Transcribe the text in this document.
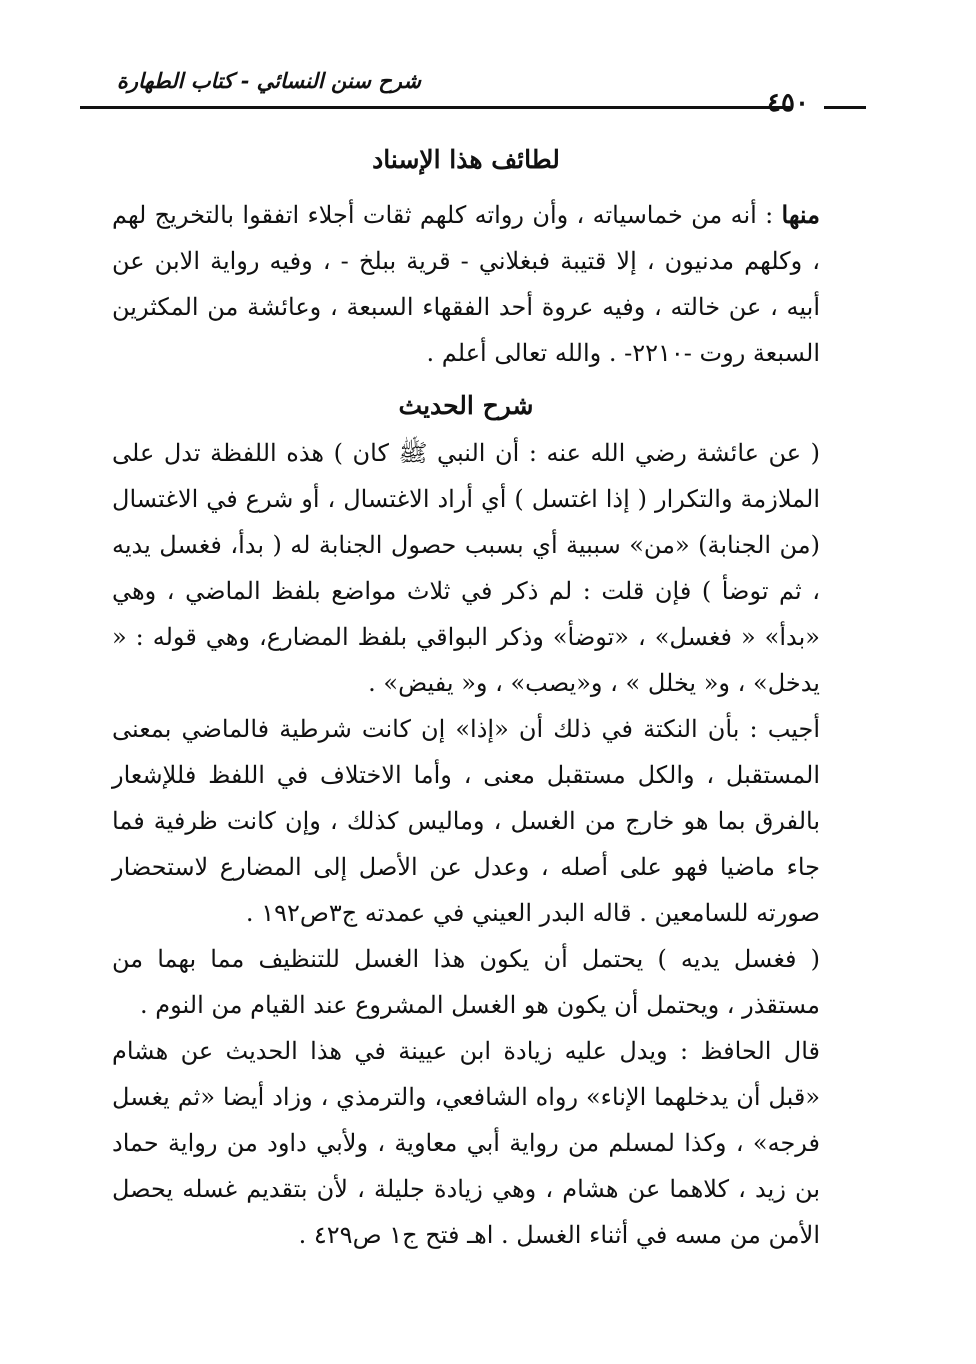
شرح سنن النسائي - كتاب الطهارة
٤٥٠
لطائف هذا الإسناد

منها : أنه من خماسياته ، وأن رواته كلهم ثقات أجلاء اتفقوا بالتخريج لهم ، وكلهم مدنيون ، إلا قتيبة فبغلاني - قرية ببلخ - ، وفيه رواية الابن عن أبيه ، عن خالته ، وفيه عروة أحد الفقهاء السبعة ، وعائشة من المكثرين السبعة روت -٢٢١٠- . والله تعالى أعلم .

شرح الحديث

( عن عائشة رضي الله عنه : أن النبي ﷺ كان ) هذه اللفظة تدل على الملازمة والتكرار ( إذا اغتسل ) أي أراد الاغتسال ، أو شرع في الاغتسال (من الجنابة) «من» سببية أي بسبب حصول الجنابة له ( بدأ، فغسل يديه ، ثم توضأ ) فإن قلت : لم ذكر في ثلاث مواضع بلفظ الماضي ، وهي «بدأ» « فغسل» ، «توضأ» وذكر البواقي بلفظ المضارع، وهي قوله : « يدخل» ، و« يخلل » ، و«يصب» ، و« يفيض» .

أجيب : بأن النكتة في ذلك أن «إذا» إن كانت شرطية فالماضي بمعنى المستقبل ، والكل مستقبل معنى ، وأما الاختلاف في اللفظ فللإشعار بالفرق بما هو خارج من الغسل ، وماليس كذلك ، وإن كانت ظرفية فما جاء ماضيا فهو على أصله ، وعدل عن الأصل إلى المضارع لاستحضار صورته للسامعين . قاله البدر العيني في عمدته ج٣ص١٩٢ .

( فغسل يديه ) يحتمل أن يكون هذا الغسل للتنظيف مما بهما من مستقذر ، ويحتمل أن يكون هو الغسل المشروع عند القيام من النوم .

قال الحافظ : ويدل عليه زيادة ابن عيينة في هذا الحديث عن هشام «قبل أن يدخلهما الإناء» رواه الشافعي، والترمذي ، وزاد أيضا «ثم يغسل فرجه» ، وكذا لمسلم من رواية أبي معاوية ، ولأبي داود من رواية حماد بن زيد ، كلاهما عن هشام ، وهي زيادة جليلة ، لأن بتقديم غسله يحصل الأمن من مسه في أثناء الغسل . اهـ فتح ج١ ص٤٢٩ .
